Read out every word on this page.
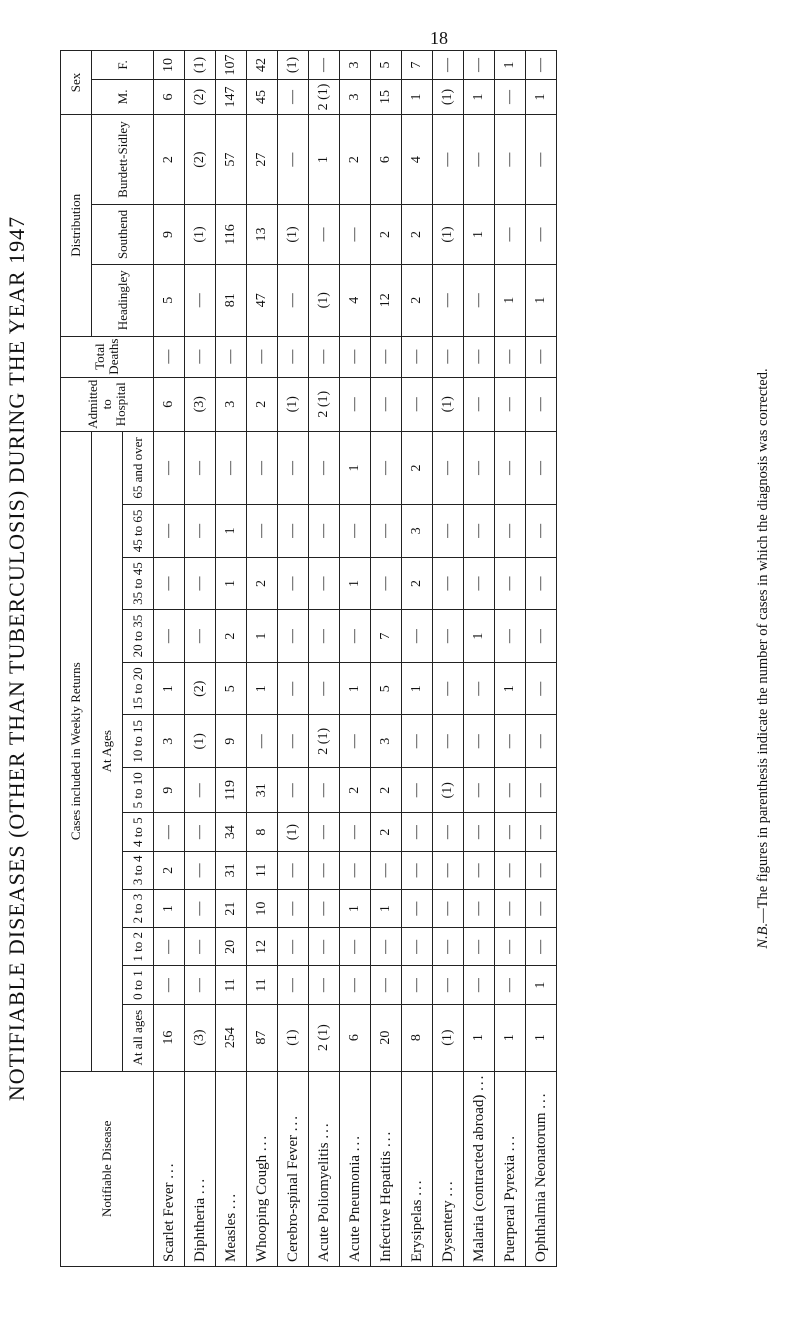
18
NOTIFIABLE DISEASES (OTHER THAN TUBERCULOSIS) DURING THE YEAR 1947
Notifiable Disease	Cases included in Weekly Returns													Admitted to Hospital	Total Deaths	Distribution			Sex	
	At Ages															Headingley	Southend	Burdett-Sidley	M.	F.
	At all ages	0 to 1	1 to 2	2 to 3	3 to 4	4 to 5	5 to 10	10 to 15	15 to 20	20 to 35	35 to 45	45 to 65	65 and over							
Scarlet Fever ...	16	—	—	1	2	—	9	3	1	—	—	—	—	6	—	5	9	2	6	10
Diphtheria ...	(3)	—	—	—	—	—	—	(1)	(2)	—	—	—	—	(3)	—	—	(1)	(2)	(2)	(1)
Measles ...	254	11	20	21	31	34	119	9	5	2	1	1	—	3	—	81	116	57	147	107
Whooping Cough ...	87	11	12	10	11	8	31	—	1	1	2	—	—	2	—	47	13	27	45	42
Cerebro-spinal Fever ...	(1)	—	—	—	—	(1)	—	—	—	—	—	—	—	(1)	—	—	(1)	—	—	(1)
Acute Poliomyelitis ...	2 (1)	—	—	—	—	—	—	2 (1)	—	—	—	—	—	2 (1)	—	(1)	—	1	2 (1)	—
Acute Pneumonia ...	6	—	—	1	—	—	2	—	1	—	1	—	1	—	—	4	—	2	3	3
Infective Hepatitis ...	20	—	—	1	—	2	2	3	5	7	—	—	—	—	—	12	2	6	15	5
Erysipelas ...	8	—	—	—	—	—	—	—	1	—	2	3	2	—	—	2	2	4	1	7
Dysentery ...	(1)	—	—	—	—	—	(1)	—	—	—	—	—	—	(1)	—	—	(1)	—	(1)	—
Malaria (contracted abroad) ...	1	—	—	—	—	—	—	—	—	1	—	—	—	—	—	—	1	—	1	—
Puerperal Pyrexia ...	1	—	—	—	—	—	—	—	1	—	—	—	—	—	—	1	—	—	—	1
Ophthalmia Neonatorum ...	1	1	—	—	—	—	—	—	—	—	—	—	—	—	—	1	—	—	1	—
N.B.—The figures in parenthesis indicate the number of cases in which the diagnosis was corrected.
